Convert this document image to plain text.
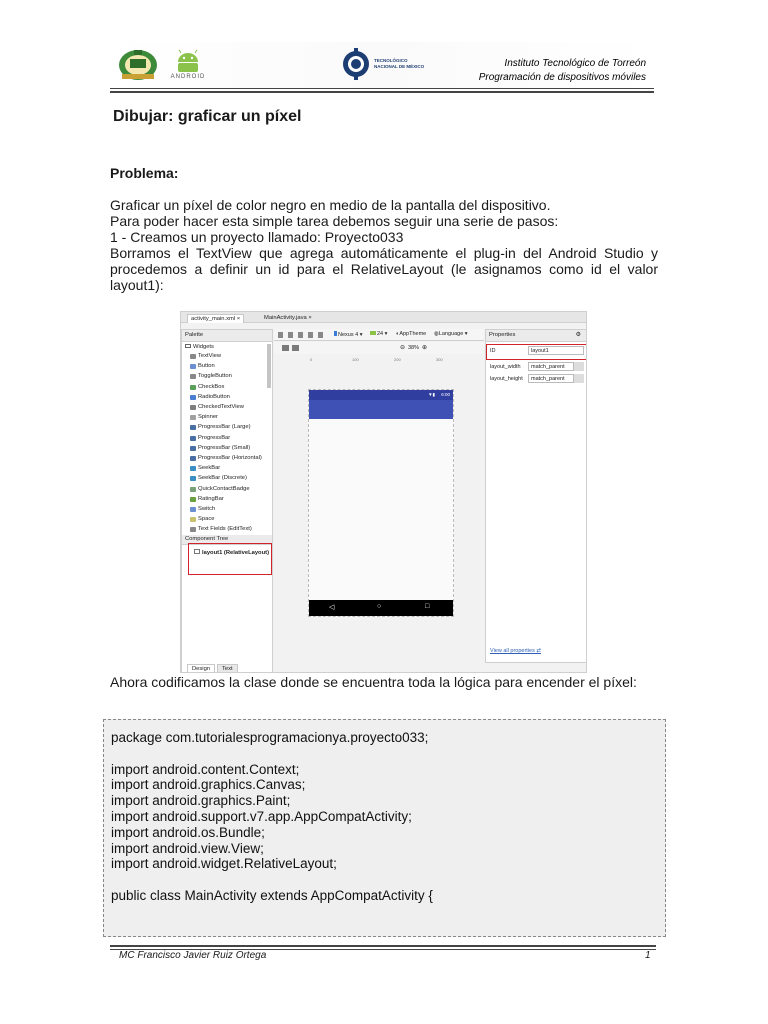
ANDROID
TECNOLÓGICO NACIONAL DE MÉXICO	Instituto Tecnológico de Torreón
Programación de dispositivos móviles
Dibujar: graficar un píxel
Problema:
Graficar un píxel de color negro en medio de la pantalla del dispositivo.
Para poder hacer esta simple tarea debemos seguir una serie de pasos:
1 - Creamos un proyecto llamado: Proyecto033
Borramos el TextView que agrega automáticamente el plug-in del Android Studio y procedemos a definir un id para el RelativeLayout (le asignamos como id el valor layout1):
activity_main.xml ×	MainActivity.java ×
Palette
Widgets
TextView
Button
ToggleButton
CheckBox
RadioButton
CheckedTextView
Spinner
ProgressBar (Large)
ProgressBar
ProgressBar (Small)
ProgressBar (Horizontal)
SeekBar
SeekBar (Discrete)
QuickContactBadge
RatingBar
Switch
Space
Text Fields (EditText)
Component Tree
layout1 (RelativeLayout)
Nexus 4 ▾	24 ▾ ◐AppTheme ◍Language ▾
⊖ 38% ⊕
0	100	200	300
▼▮ 6:00
◁	○	□
Properties	⚙
ID	layout1
layout_width	match_parent
layout_height	match_parent
View all properties ⇄
Design	Text
Ahora codificamos la clase donde se encuentra toda la lógica para encender el píxel:
package com.tutorialesprogramacionya.proyecto033;
import android.content.Context;
import android.graphics.Canvas;
import android.graphics.Paint;
import android.support.v7.app.AppCompatActivity;
import android.os.Bundle;
import android.view.View;
import android.widget.RelativeLayout;
public class MainActivity extends AppCompatActivity {
MC Francisco Javier Ruiz Ortega	1
